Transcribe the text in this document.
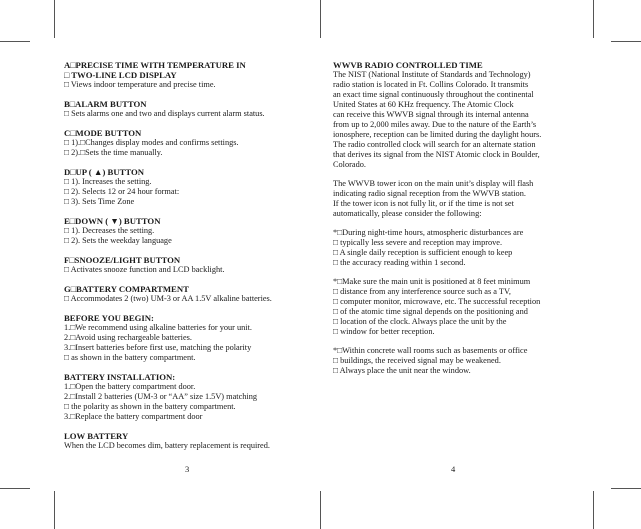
A□PRECISE TIME WITH TEMPERATURE IN
□ TWO-LINE LCD DISPLAY
□ Views indoor temperature and precise time.
B□ALARM BUTTON
□ Sets alarms one and two and displays current alarm status.
C□MODE BUTTON
□ 1).□Changes display modes and confirms settings.
□ 2).□Sets the time manually.
D□UP ( ▲) BUTTON
□ 1). Increases the setting.
□ 2). Selects 12 or 24 hour format:
□ 3). Sets Time Zone
E□DOWN ( ▼) BUTTON
□ 1). Decreases the setting.
□ 2). Sets the weekday language
F□SNOOZE/LIGHT BUTTON
□ Activates snooze function and LCD backlight.
G□BATTERY COMPARTMENT
□ Accommodates 2 (two) UM-3 or AA 1.5V alkaline batteries.
BEFORE YOU BEGIN:
1.□We recommend using alkaline batteries for your unit.
2.□Avoid using rechargeable batteries.
3.□Insert batteries before first use, matching the polarity
□ as shown in the battery compartment.
BATTERY INSTALLATION:
1.□Open the battery compartment door.
2.□Install 2 batteries (UM-3 or “AA” size 1.5V) matching
□ the polarity as shown in the battery compartment.
3.□Replace the battery compartment door
LOW BATTERY
When the LCD becomes dim, battery replacement is required.
3
WWVB RADIO CONTROLLED TIME
The NIST (National Institute of Standards and Technology)
radio station is located in Ft. Collins Colorado. It transmits
an exact time signal continuously throughout the continental
United States at 60 KHz frequency. The Atomic Clock
can receive this WWVB signal through its internal antenna
from up to 2,000 miles away. Due to the nature of the Earth’s
ionosphere, reception can be limited during the daylight hours.
The radio controlled clock will search for an alternate station
that derives its signal from the NIST Atomic clock in Boulder,
Colorado.
The WWVB tower icon on the main unit’s display will flash
indicating radio signal reception from the WWVB station.
If the tower icon is not fully lit, or if the time is not set
automatically, please consider the following:
*□During night-time hours, atmospheric disturbances are
□ typically less severe and reception may improve.
□ A single daily reception is sufficient enough to keep
□ the accuracy reading within 1 second.
*□Make sure the main unit is positioned at 8 feet minimum
□ distance from any interference source such as a TV,
□ computer monitor, microwave, etc. The successful reception
□ of the atomic time signal depends on the positioning and
□ location of the clock. Always place the unit by the
□ window for better reception.
*□Within concrete wall rooms such as basements or office
□ buildings, the received signal may be weakened.
□ Always place the unit near the window.
4
